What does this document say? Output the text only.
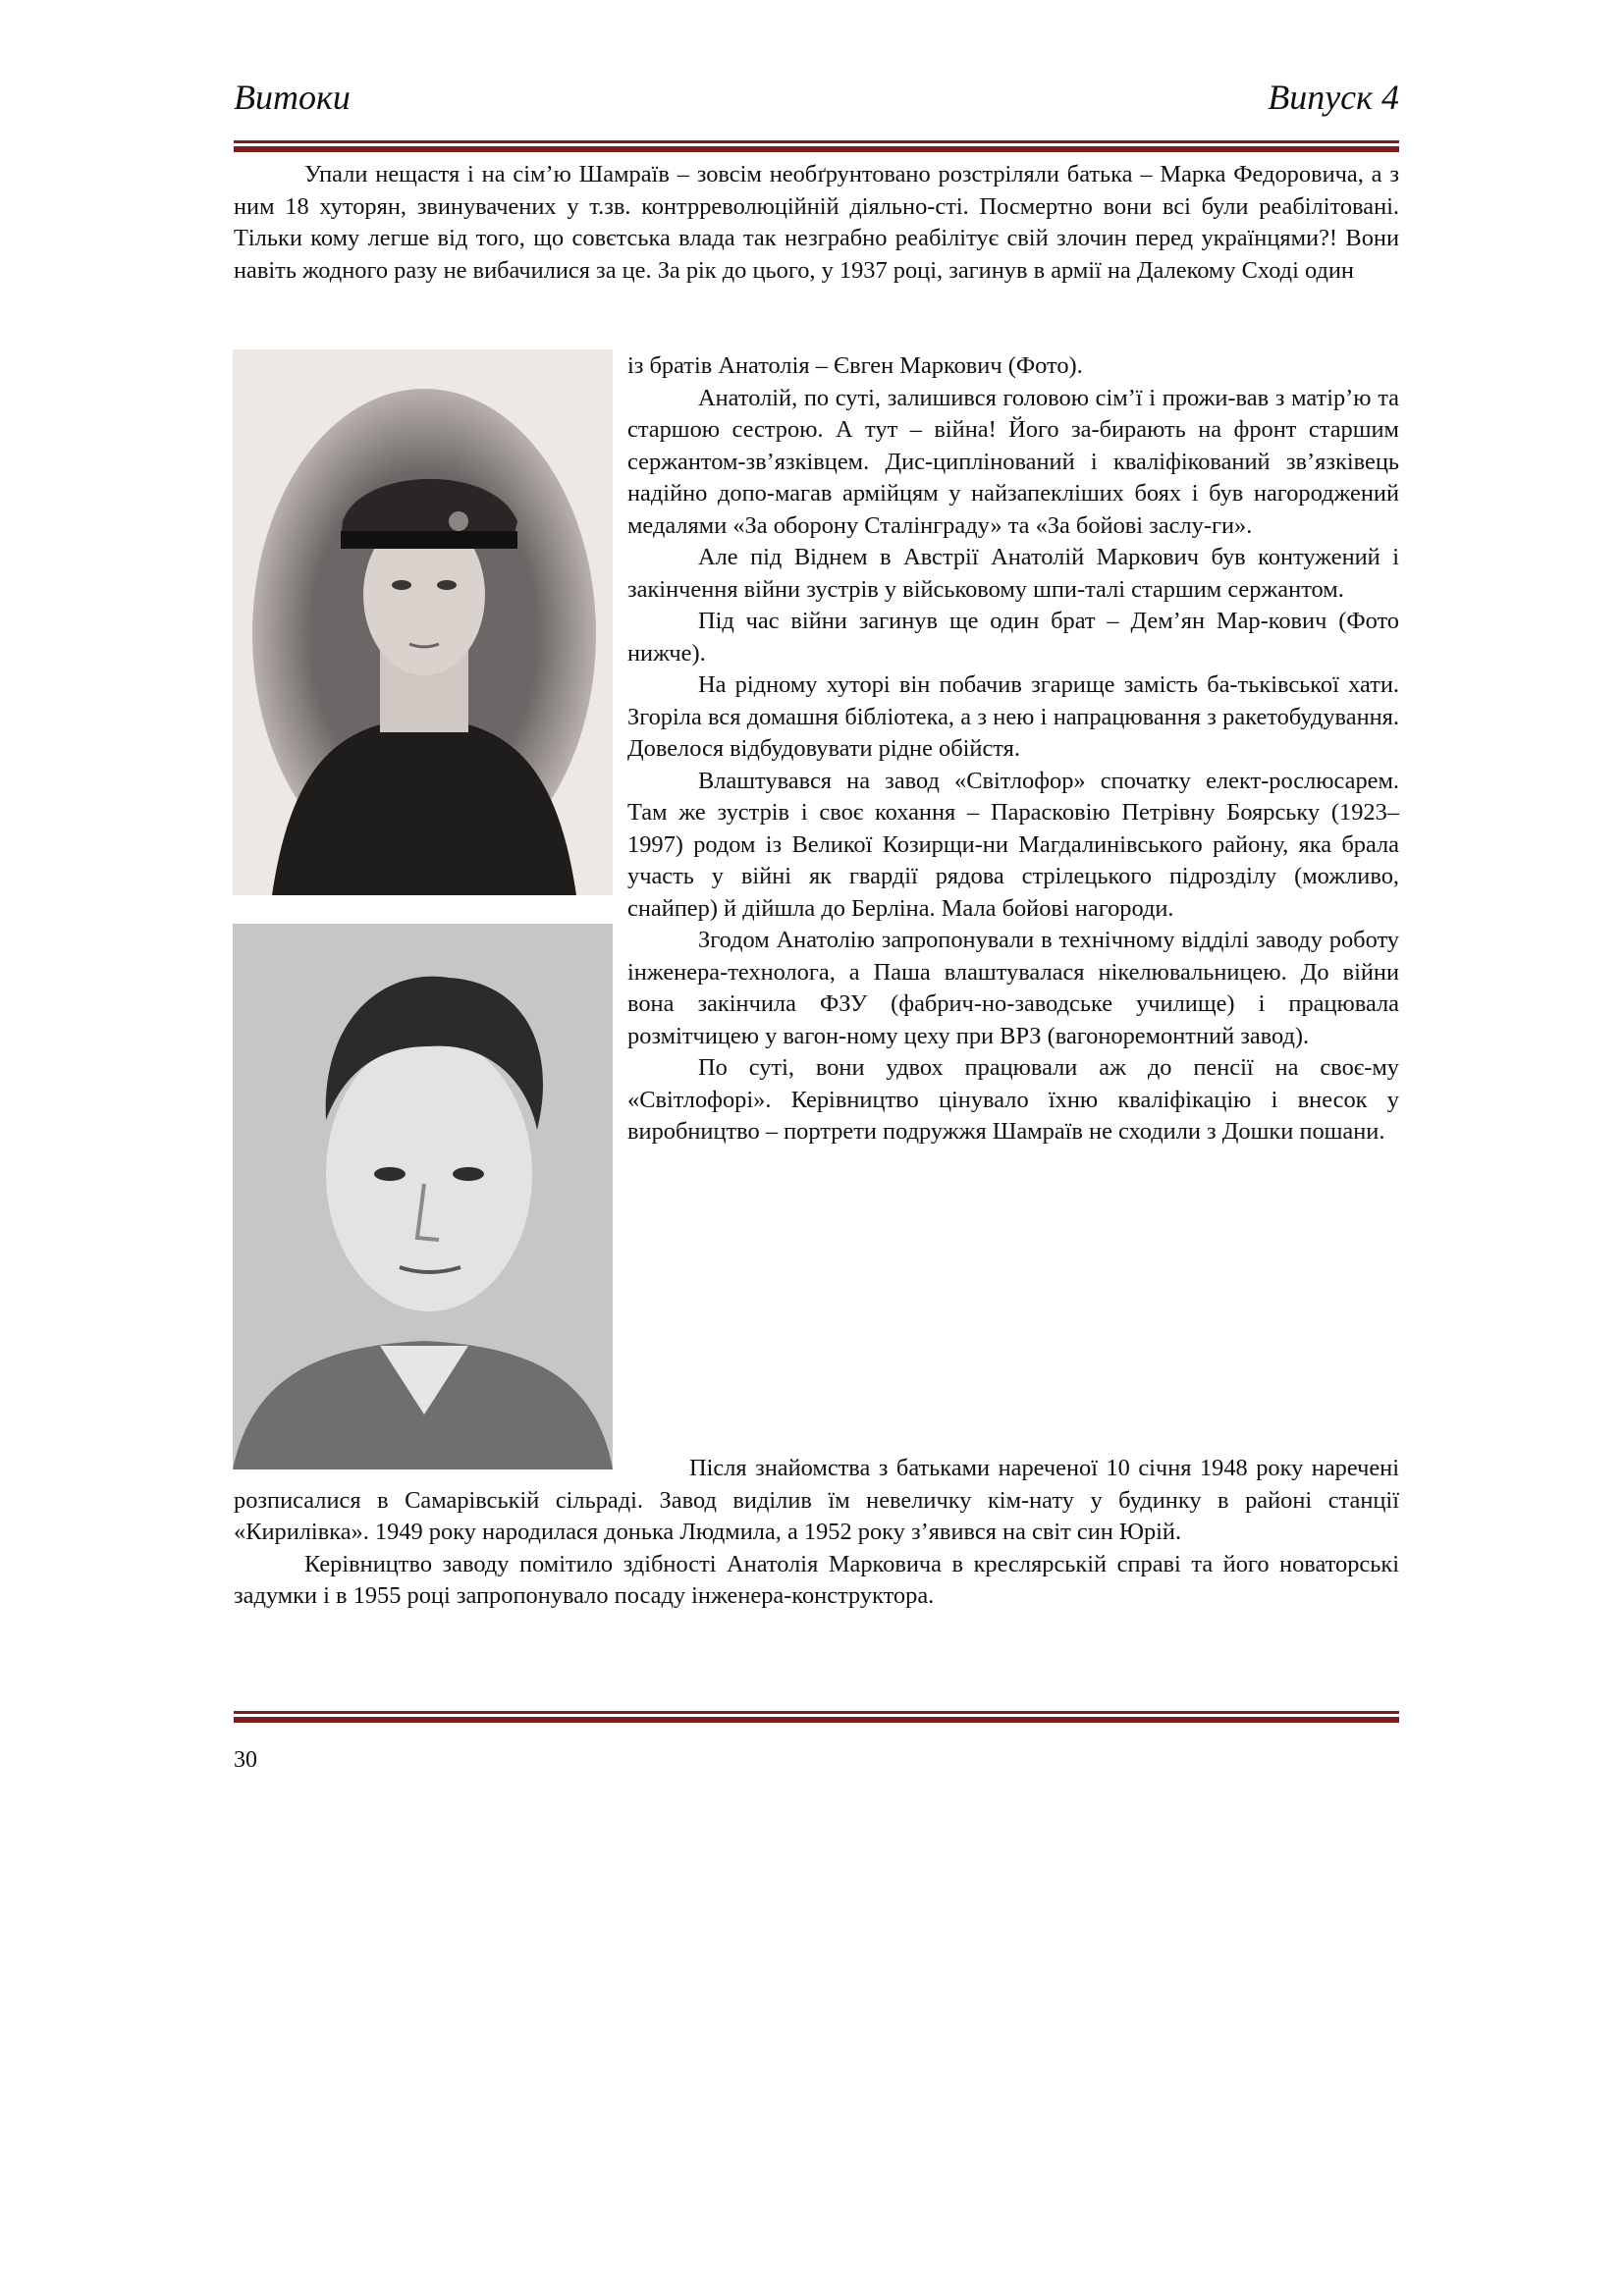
Витоки	Випуск 4

Упали нещастя і на сім’ю Шамраїв – зовсім необґрунтовано розстріляли батька – Марка Федоровича, а з ним 18 хуторян, звинувачених у т.зв. контрреволюційній діяльно-сті. Посмертно вони всі були реабілітовані. Тільки кому легше від того, що совєтська влада так незграбно реабілітує свій злочин перед українцями?! Вони навіть жодного разу не вибачилися за це. За рік до цього, у 1937 році, загинув в армії на Далекому Сході один

із братів Анатолія – Євген Маркович (Фото).

Анатолій, по суті, залишився головою сім’ї і прожи-вав з матір’ю та старшою сестрою. А тут – війна! Його за-бирають на фронт старшим сержантом-зв’язківцем. Дис-циплінований і кваліфікований зв’язківець надійно допо-магав армійцям у найзапекліших боях і був нагороджений медалями «За оборону Сталінграду» та «За бойові заслу-ги».

Але під Віднем в Австрії Анатолій Маркович був контужений і закінчення війни зустрів у військовому шпи-талі старшим сержантом.

Під час війни загинув ще один брат – Дем’ян Мар-кович (Фото нижче).

На рідному хуторі він побачив згарище замість ба-тьківської хати. Згоріла вся домашня бібліотека, а з нею і напрацювання з ракетобудування. Довелося відбудовувати рідне обійстя.

Влаштувався на завод «Світлофор» спочатку елект-рослюсарем. Там же зустрів і своє кохання – Парасковію Петрівну Боярську (1923–1997) родом із Великої Козирщи-ни Магдалинівського району, яка брала участь у війні як гвардії рядова стрілецького підрозділу (можливо, снайпер) й дійшла до Берліна. Мала бойові нагороди.

Згодом Анатолію запропонували в технічному відділі заводу роботу інженера-технолога, а Паша влаштувалася нікелювальницею. До війни вона закінчила ФЗУ (фабрич-но-заводське училище) і працювала розмітчицею у вагон-ному цеху при ВРЗ (вагоноремонтний завод).

По суті, вони удвох працювали аж до пенсії на своє-му «Світлофорі». Керівництво цінувало їхню кваліфікацію і внесок у виробництво – портрети подружжя Шамраїв не сходили з Дошки пошани.

Після знайомства з батьками нареченої 10 січня 1948 року наречені розписалися в Самарівській сільраді. Завод виділив їм невеличку кім-нату у будинку в районі станції «Кирилівка». 1949 року народилася донька Людмила, а 1952 року з’явився на світ син Юрій.

Керівництво заводу помітило здібності Анатолія Марковича в креслярській справі та його новаторські задумки і в 1955 році запропонувало посаду інженера-конструктора.

30
